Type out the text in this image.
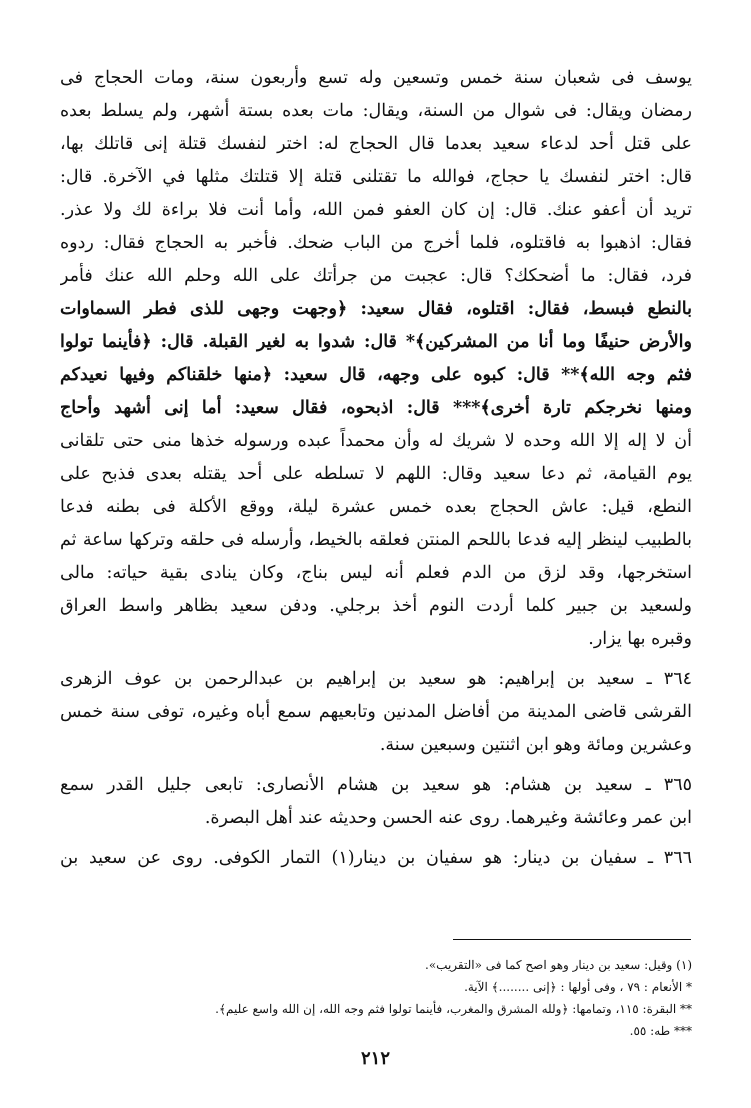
يوسف فى شعبان سنة خمس وتسعين وله تسع وأربعون سنة، ومات الحجاج فى
رمضان ويقال: فى شوال من السنة، ويقال: مات بعده بستة أشهر، ولم يسلط بعده
على قتل أحد لدعاء سعيد بعدما قال الحجاج له: اختر لنفسك قتلة إنى قاتلك بها،
قال: اختر لنفسك يا حجاج، فوالله ما تقتلنى قتلة إلا قتلتك مثلها في الآخرة. قال:
تريد أن أعفو عنك. قال: إن كان العفو فمن الله، وأما أنت فلا براءة لك ولا عذر.
فقال: اذهبوا به فاقتلوه، فلما أخرج من الباب ضحك. فأخبر به الحجاج فقال: ردوه
فرد، فقال: ما أضحكك؟ قال: عجبت من جرأتك على الله وحلم الله عنك فأمر
بالنطع فبسط، فقال: اقتلوه، فقال سعيد: ﴿وجهت وجهى للذى فطر السماوات
والأرض حنيفًا وما أنا من المشركين﴾* قال: شدوا به لغير القبلة. قال: ﴿فأينما تولوا
فثم وجه الله﴾** قال: كبوه على وجهه، قال سعيد: ﴿منها خلقناكم وفيها نعيدكم
ومنها نخرجكم تارة أخرى﴾*** قال: اذبحوه، فقال سعيد: أما إنى أشهد وأحاج
أن لا إله إلا الله وحده لا شريك له وأن محمداً عبده ورسوله خذها منى حتى تلقانى
يوم القيامة، ثم دعا سعيد وقال: اللهم لا تسلطه على أحد يقتله بعدى فذبح على
النطع، قيل: عاش الحجاج بعده خمس عشرة ليلة، ووقع الأكلة فى بطنه فدعا
بالطبيب لينظر إليه فدعا باللحم المنتن فعلقه بالخيط، وأرسله فى حلقه وتركها ساعة ثم
استخرجها، وقد لزق من الدم فعلم أنه ليس بناج، وكان ينادى بقية حياته: مالى
ولسعيد بن جبير كلما أردت النوم أخذ برجلي. ودفن سعيد بظاهر واسط العراق
وقبره بها يزار.
٣٦٤ ـ سعيد بن إبراهيم: هو سعيد بن إبراهيم بن عبدالرحمن بن عوف الزهرى
القرشى قاضى المدينة من أفاضل المدنين وتابعيهم سمع أباه وغيره، توفى سنة خمس
وعشرين ومائة وهو ابن اثنتين وسبعين سنة.
٣٦٥ ـ سعيد بن هشام: هو سعيد بن هشام الأنصارى: تابعى جليل القدر سمع
ابن عمر وعائشة وغيرهما. روى عنه الحسن وحديثه عند أهل البصرة.
٣٦٦ ـ سفيان بن دينار: هو سفيان بن دينار(١) التمار الكوفى. روى عن سعيد بن
(١) وقيل: سعيد بن دينار وهو اصح كما فى «التقريب».
* الأنعام : ٧٩ ، وفى أولها : ﴿إنى ........﴾ الآية.
** البقرة: ١١٥، وتمامها: ﴿ولله المشرق والمغرب، فأينما تولوا فثم وجه الله، إن الله واسع عليم﴾.
*** طه: ٥٥.
٢١٢
